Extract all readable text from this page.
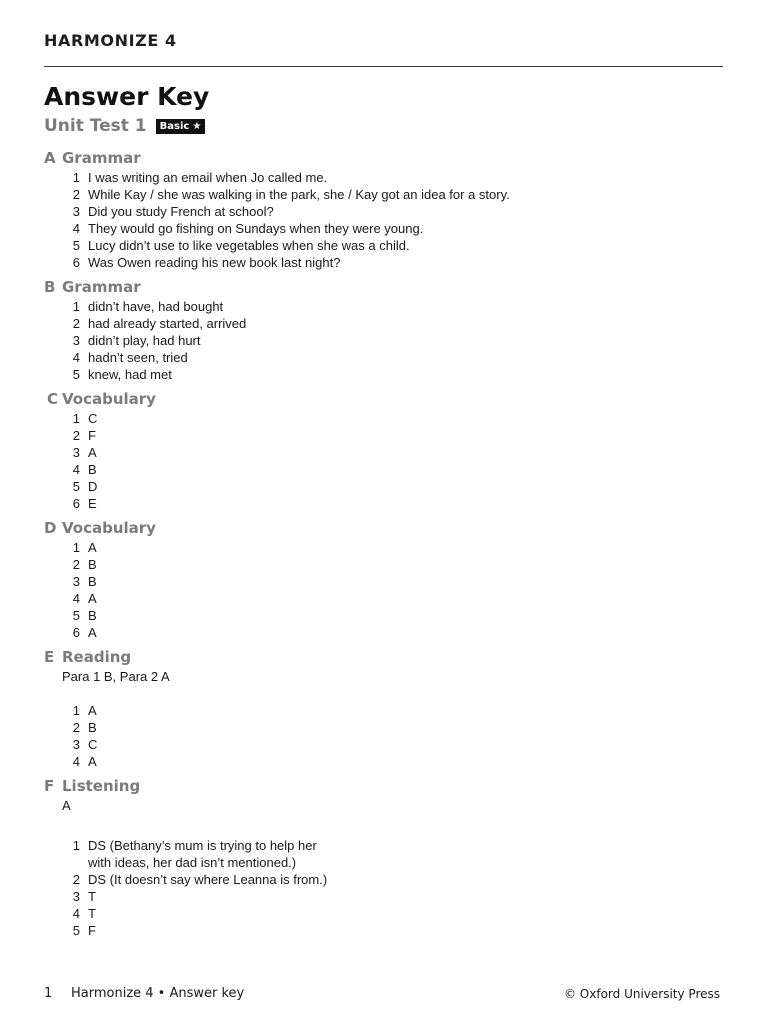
HARMONIZE 4
Answer Key
Unit Test 1 Basic ★
A Grammar
1 I was writing an email when Jo called me.
2 While Kay / she was walking in the park, she / Kay got an idea for a story.
3 Did you study French at school?
4 They would go fishing on Sundays when they were young.
5 Lucy didn’t use to like vegetables when she was a child.
6 Was Owen reading his new book last night?
B Grammar
1 didn’t have, had bought
2 had already started, arrived
3 didn’t play, had hurt
4 hadn’t seen, tried
5 knew, had met
C Vocabulary
1 C
2 F
3 A
4 B
5 D
6 E
D Vocabulary
1 A
2 B
3 B
4 A
5 B
6 A
E Reading
Para 1 B, Para 2 A
1 A
2 B
3 C
4 A
F Listening
A
1 DS (Bethany’s mum is trying to help her
with ideas, her dad isn’t mentioned.)
2 DS (It doesn’t say where Leanna is from.)
3 T
4 T
5 F
1	Harmonize 4 • Answer key	© Oxford University Press
